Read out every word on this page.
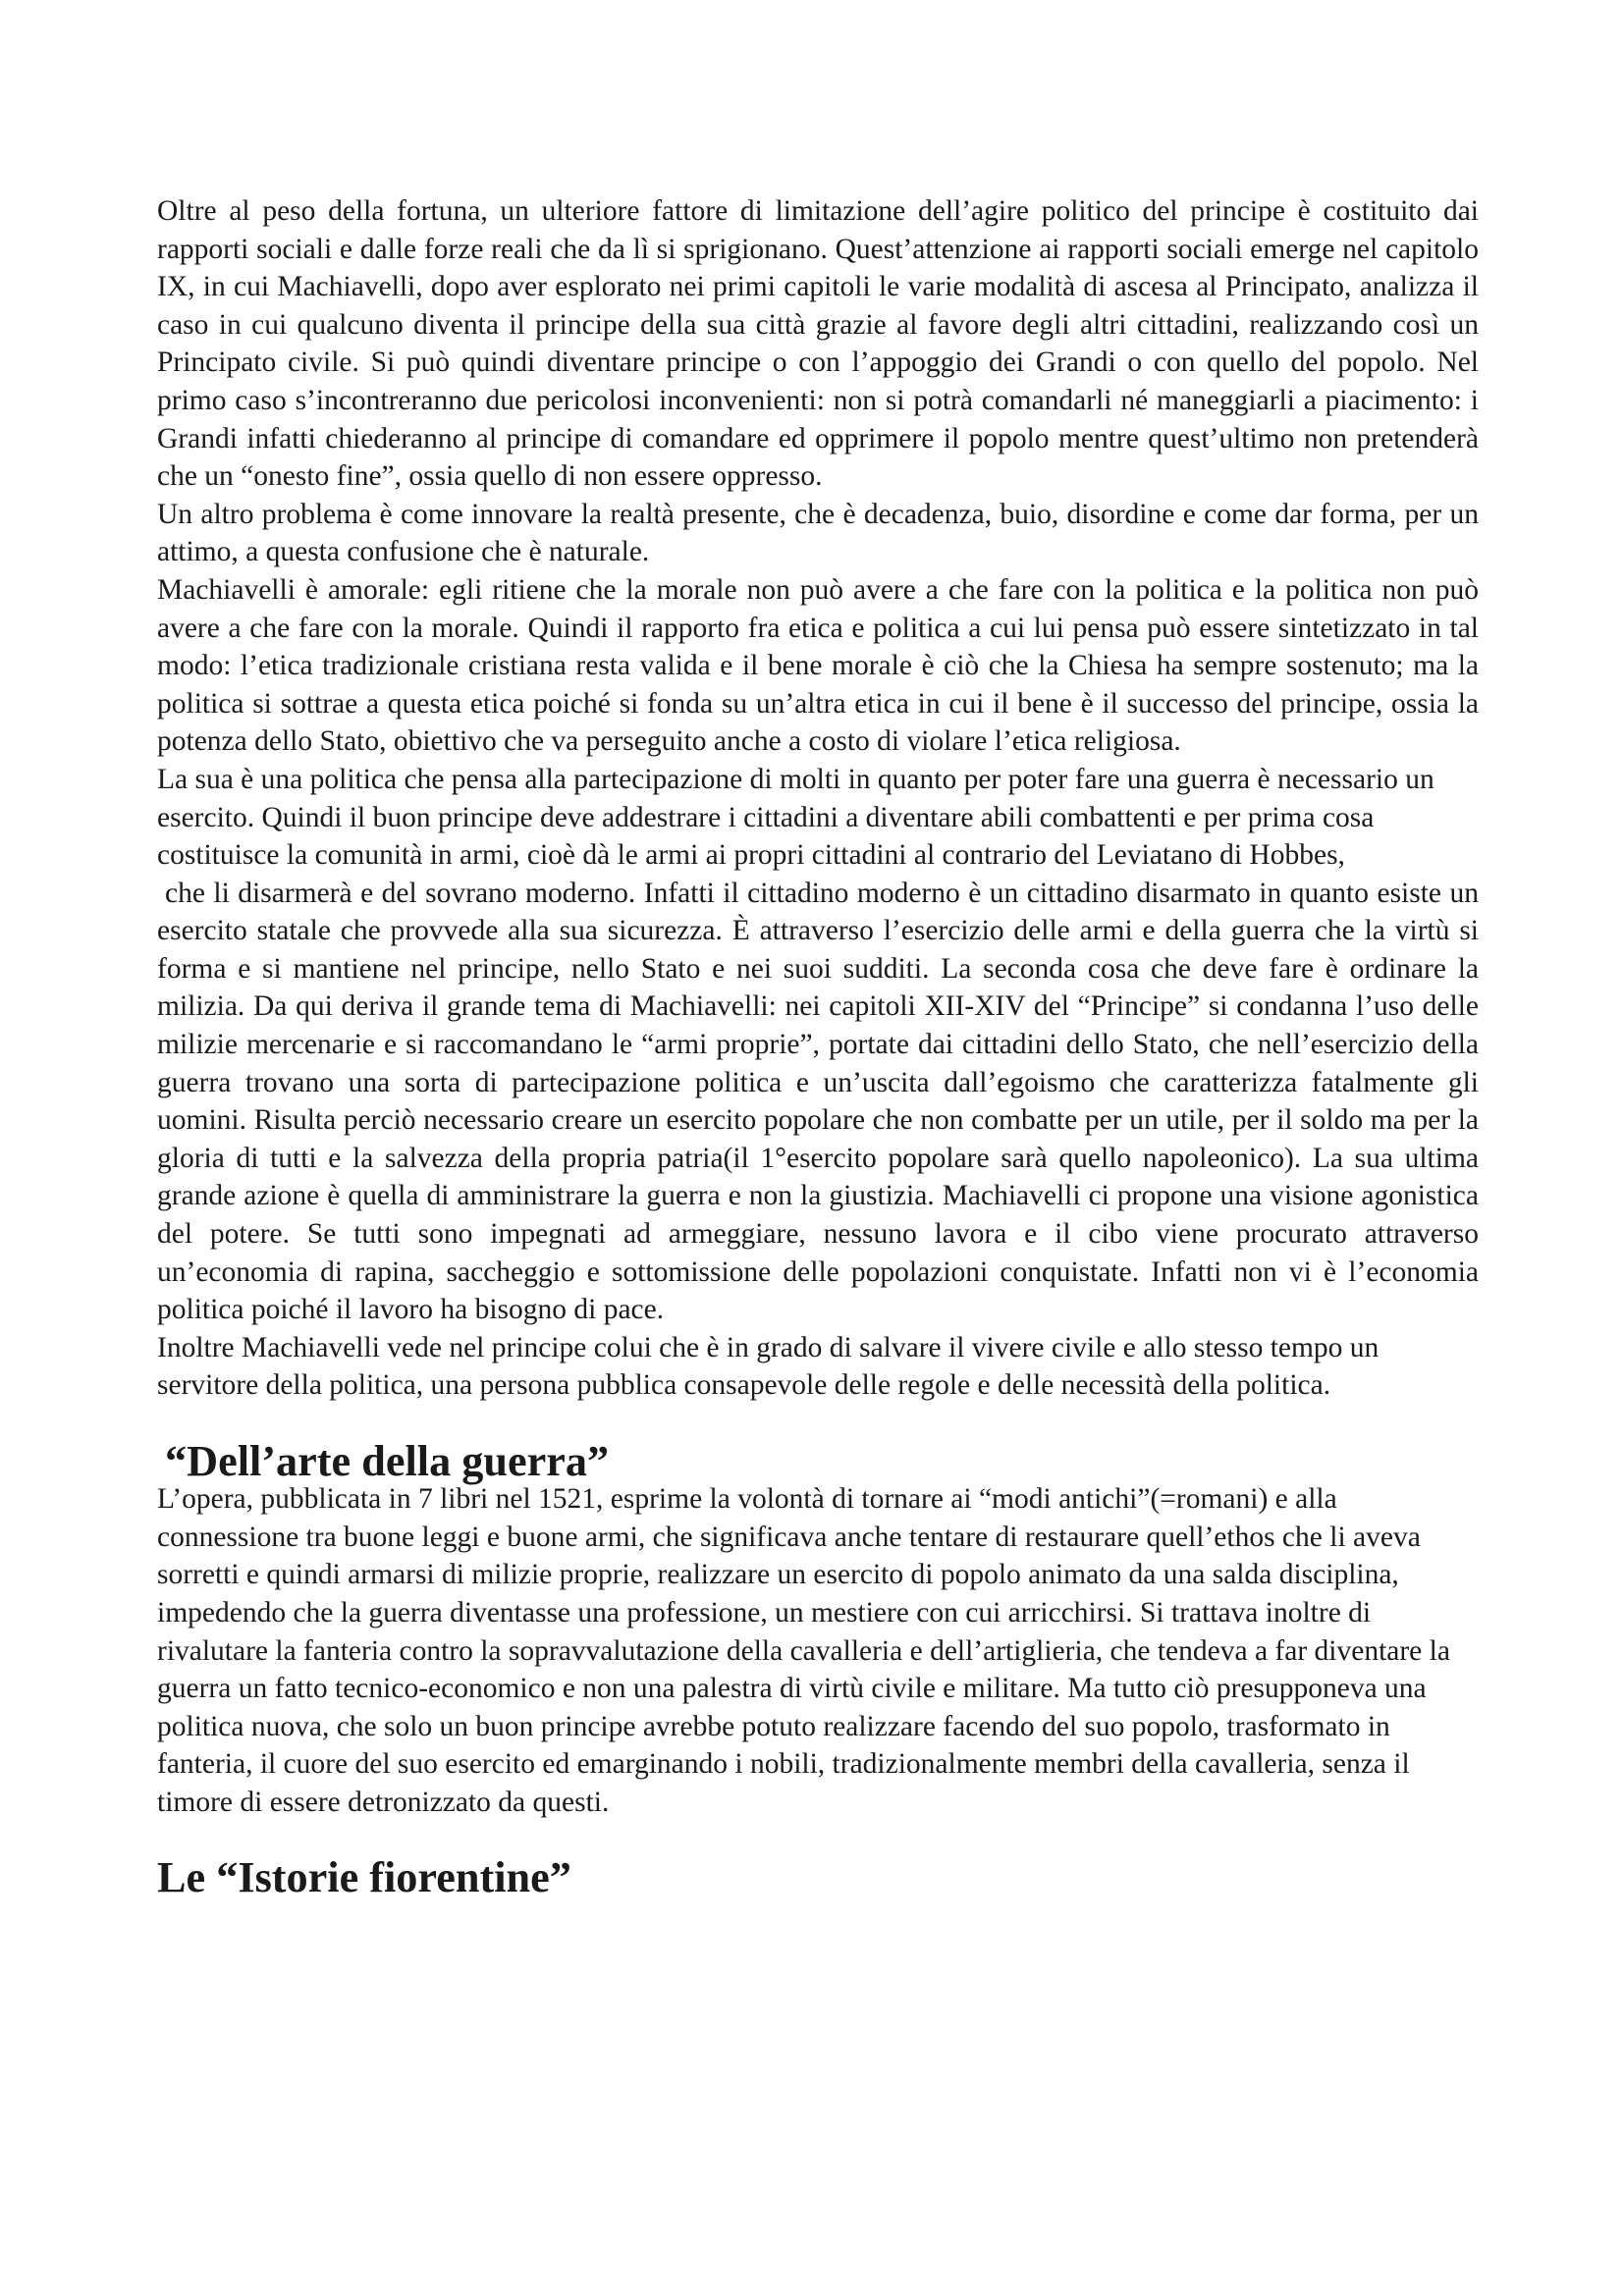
Oltre al peso della fortuna, un ulteriore fattore di limitazione dell’agire politico del principe è costituito dai rapporti sociali e dalle forze reali che da lì si sprigionano. Quest’attenzione ai rapporti sociali emerge nel capitolo IX, in cui Machiavelli, dopo aver esplorato nei primi capitoli le varie modalità di ascesa al Principato, analizza il caso in cui qualcuno diventa il principe della sua città grazie al favore degli altri cittadini, realizzando così un Principato civile. Si può quindi diventare principe o con l’appoggio dei Grandi o con quello del popolo. Nel primo caso s’incontreranno due pericolosi inconvenienti: non si potrà comandarli né maneggiarli a piacimento: i Grandi infatti chiederanno al principe di comandare ed opprimere il popolo mentre quest’ultimo non pretenderà che un “onesto fine”, ossia quello di non essere oppresso.

Un altro problema è come innovare la realtà presente, che è decadenza, buio, disordine e come dar forma, per un attimo, a questa confusione che è naturale.

Machiavelli è amorale: egli ritiene che la morale non può avere a che fare con la politica e la politica non può avere a che fare con la morale. Quindi il rapporto fra etica e politica a cui lui pensa può essere sintetizzato in tal modo: l’etica tradizionale cristiana resta valida e il bene morale è ciò che la Chiesa ha sempre sostenuto; ma la politica si sottrae a questa etica poiché si fonda su un’altra etica in cui il bene è il successo del principe, ossia la potenza dello Stato, obiettivo che va perseguito anche a costo di violare l’etica religiosa.

La sua è una politica che pensa alla partecipazione di molti in quanto per poter fare una guerra è necessario un esercito. Quindi il buon principe deve addestrare i cittadini a diventare abili combattenti e per prima cosa costituisce la comunità in armi, cioè dà le armi ai propri cittadini al contrario del Leviatano di Hobbes,

che li disarmerà e del sovrano moderno. Infatti il cittadino moderno è un cittadino disarmato in quanto esiste un esercito statale che provvede alla sua sicurezza. È attraverso l’esercizio delle armi e della guerra che la virtù si forma e si mantiene nel principe, nello Stato e nei suoi sudditi. La seconda cosa che deve fare è ordinare la milizia. Da qui deriva il grande tema di Machiavelli: nei capitoli XII-XIV del “Principe” si condanna l’uso delle milizie mercenarie e si raccomandano le “armi proprie”, portate dai cittadini dello Stato, che nell’esercizio della guerra trovano una sorta di partecipazione politica e un’uscita dall’egoismo che caratterizza fatalmente gli uomini. Risulta perciò necessario creare un esercito popolare che non combatte per un utile, per il soldo ma per la gloria di tutti e la salvezza della propria patria(il 1°esercito popolare sarà quello napoleonico). La sua ultima grande azione è quella di amministrare la guerra e non la giustizia. Machiavelli ci propone una visione agonistica del potere. Se tutti sono impegnati ad armeggiare, nessuno lavora e il cibo viene procurato attraverso un’economia di rapina, saccheggio e sottomissione delle popolazioni conquistate. Infatti non vi è l’economia politica poiché il lavoro ha bisogno di pace.

Inoltre Machiavelli vede nel principe colui che è in grado di salvare il vivere civile e allo stesso tempo un servitore della politica, una persona pubblica consapevole delle regole e delle necessità della politica.

“Dell’arte della guerra”

L’opera, pubblicata in 7 libri nel 1521, esprime la volontà di tornare ai “modi antichi”(=romani) e alla connessione tra buone leggi e buone armi, che significava anche tentare di restaurare quell’ethos che li aveva sorretti e quindi armarsi di milizie proprie, realizzare un esercito di popolo animato da una salda disciplina, impedendo che la guerra diventasse una professione, un mestiere con cui arricchirsi. Si trattava inoltre di rivalutare la fanteria contro la sopravvalutazione della cavalleria e dell’artiglieria, che tendeva a far diventare la guerra un fatto tecnico-economico e non una palestra di virtù civile e militare. Ma tutto ciò presupponeva una politica nuova, che solo un buon principe avrebbe potuto realizzare facendo del suo popolo, trasformato in fanteria, il cuore del suo esercito ed emarginando i nobili, tradizionalmente membri della cavalleria, senza il timore di essere detronizzato da questi.

Le “Istorie fiorentine”
